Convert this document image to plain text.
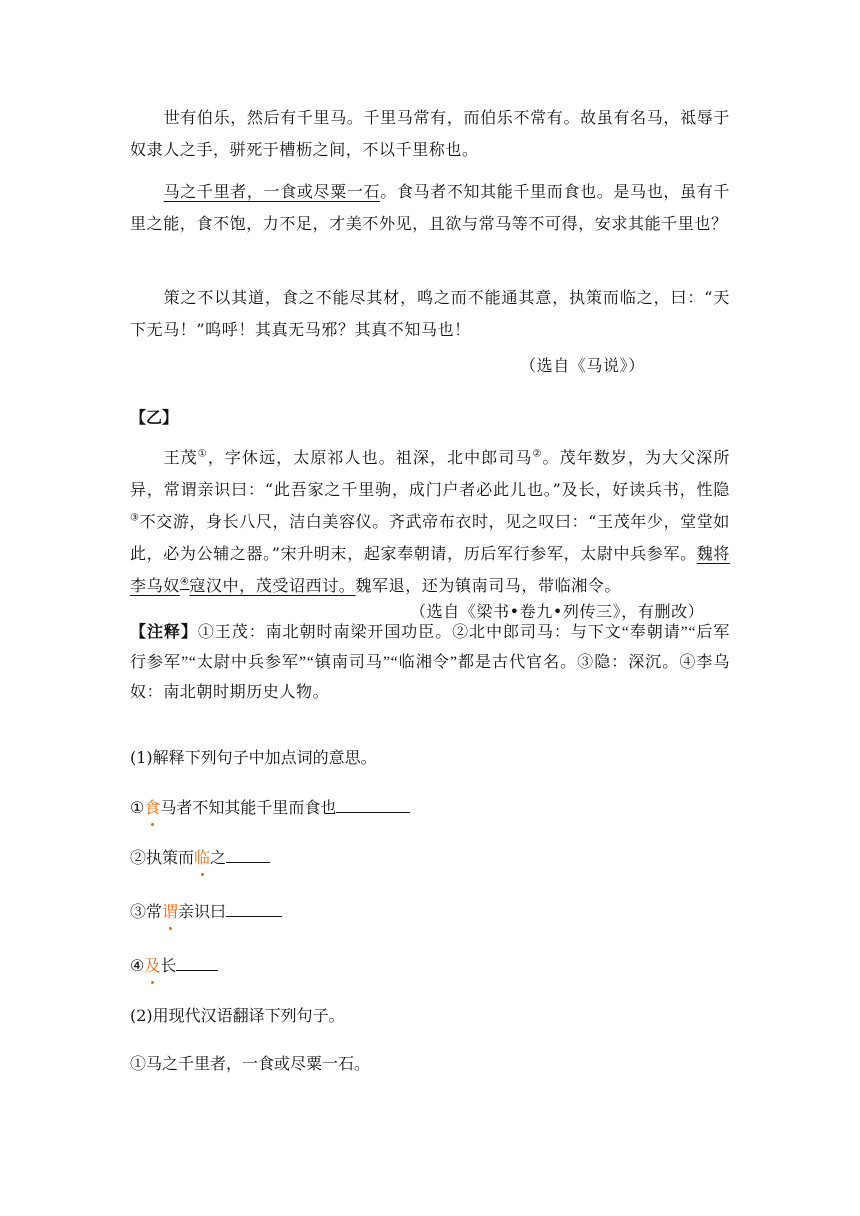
世有伯乐，然后有千里马。千里马常有，而伯乐不常有。故虽有名马，祗辱于奴隶人之手，骈死于槽枥之间，不以千里称也。

马之千里者，一食或尽粟一石。食马者不知其能千里而食也。是马也，虽有千里之能，食不饱，力不足，才美不外见，且欲与常马等不可得，安求其能千里也？

策之不以其道，食之不能尽其材，鸣之而不能通其意，执策而临之，曰：“天下无马！”呜呼！其真无马邪？其真不知马也！

（选自《马说》）

【乙】

王茂①，字休远，太原祁人也。祖深，北中郎司马②。茂年数岁，为大父深所异，常谓亲识曰：“此吾家之千里驹，成门户者必此儿也。”及长，好读兵书，性隐③不交游，身长八尺，洁白美容仪。齐武帝布衣时，见之叹曰：“王茂年少，堂堂如此，必为公辅之器。”宋升明末，起家奉朝请，历后军行参军，太尉中兵参军。魏将李乌奴④寇汉中，茂受诏西讨。魏军退，还为镇南司马，带临湘令。

（选自《梁书•卷九•列传三》，有删改）

【注释】①王茂：南北朝时南梁开国功臣。②北中郎司马：与下文“奉朝请”“后军行参军”“太尉中兵参军”“镇南司马”“临湘令”都是古代官名。③隐：深沉。④李乌奴：南北朝时期历史人物。

(1)解释下列句子中加点词的意思。

①食马者不知其能千里而食也

②执策而临之

③常谓亲识曰

④及长

(2)用现代汉语翻译下列句子。

①马之千里者，一食或尽粟一石。
